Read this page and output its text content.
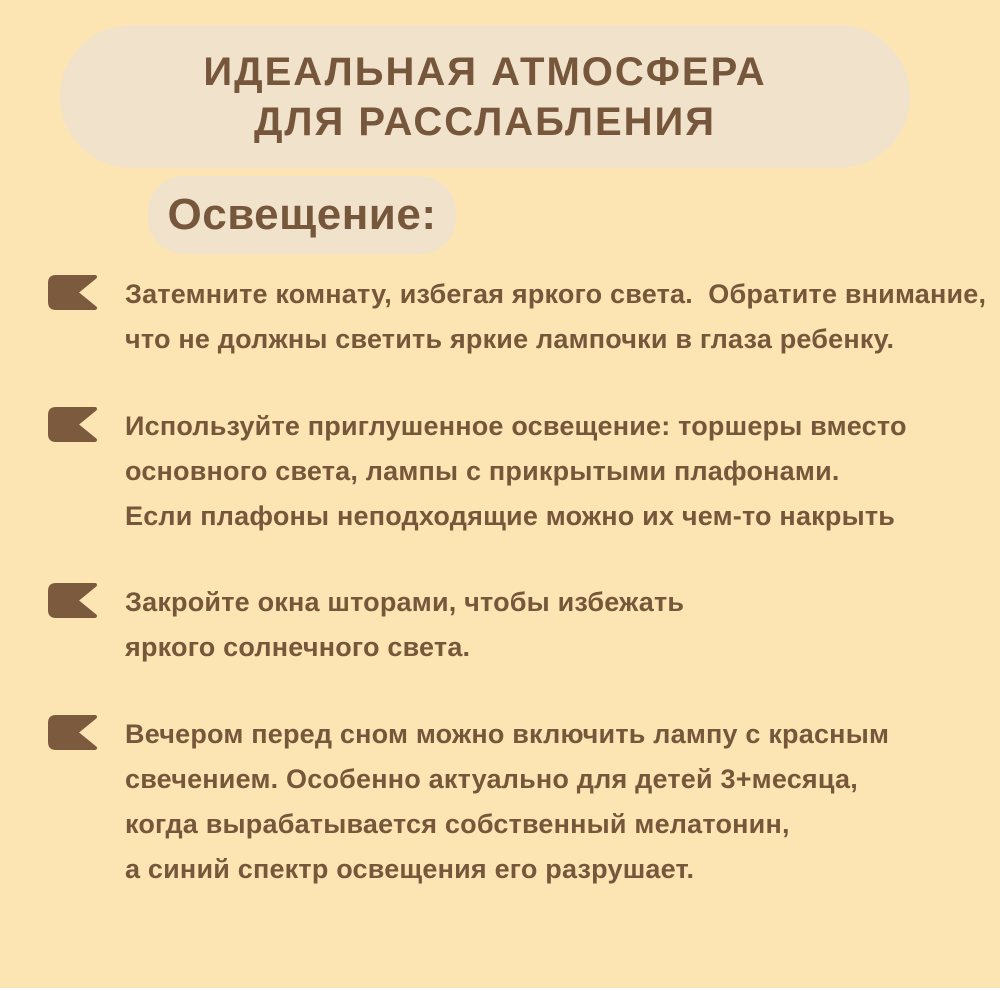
ИДЕАЛЬНАЯ АТМОСФЕРА
ДЛЯ РАССЛАБЛЕНИЯ
Освещение:
Затемните комнату, избегая яркого света.  Обратите внимание,
что не должны светить яркие лампочки в глаза ребенку.
Используйте приглушенное освещение: торшеры вместо
основного света, лампы с прикрытыми плафонами.
Если плафоны неподходящие можно их чем-то накрыть
Закройте окна шторами, чтобы избежать
яркого солнечного света.
Вечером перед сном можно включить лампу с красным
свечением. Особенно актуально для детей 3+месяца,
когда вырабатывается собственный мелатонин,
а синий спектр освещения его разрушает.
